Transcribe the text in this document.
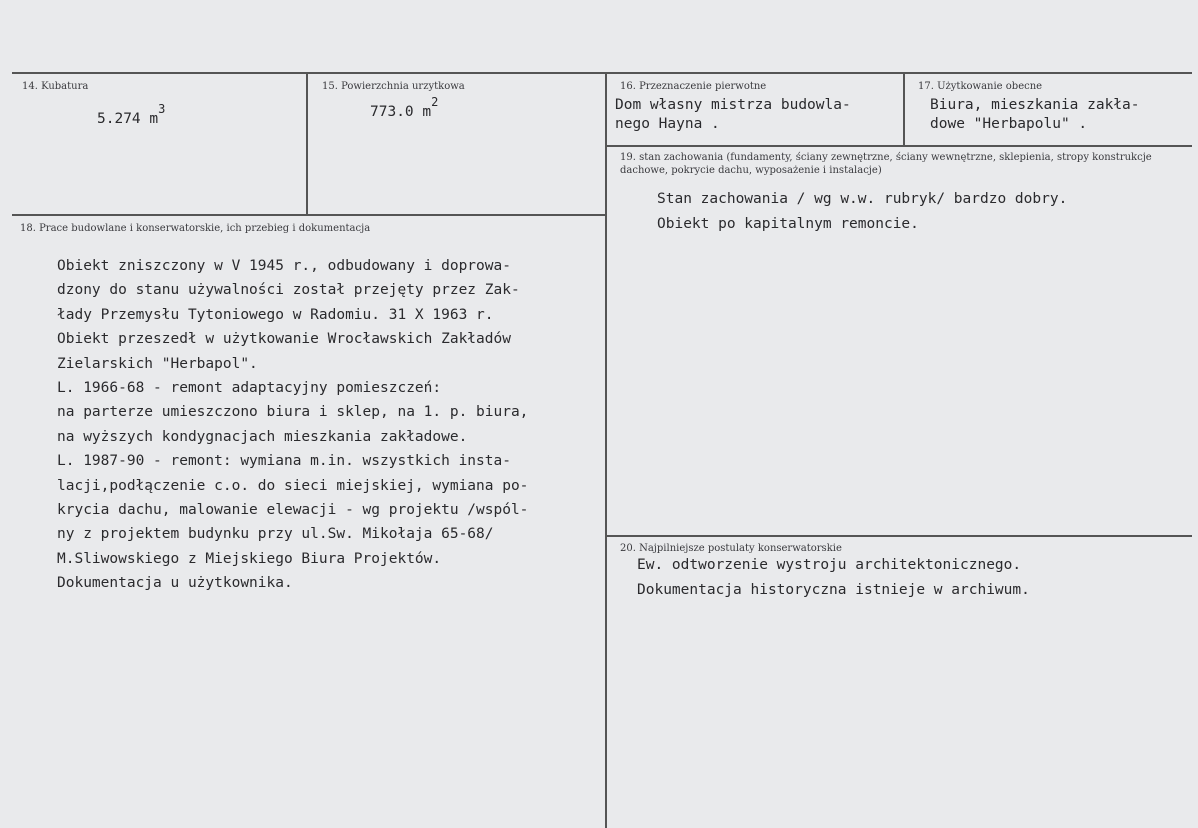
14. Kubatura
5.274 $m^3$
15. Powierzchnia urzytkowa
773.0 $m^2$
16. Przeznaczenie pierwotne
Dom własny mistrza budowla-
nego Hayna .
17. Użytkowanie obecne
Biura, mieszkania zakła-
dowe "Herbapolu" .
19. stan zachowania (fundamenty, ściany zewnętrzne, ściany wewnętrzne, sklepienia, stropy konstrukcje dachowe, pokrycie dachu, wyposażenie i instalacje)
Stan zachowania / wg w.w. rubryk/ bardzo dobry.
Obiekt po kapitalnym remoncie.
18. Prace budowlane i konserwatorskie, ich przebieg i dokumentacja
Obiekt zniszczony w V 1945 r., odbudowany i doprowa-
dzony do stanu używalności został przejęty przez Zak-
łady Przemysłu Tytoniowego w Radomiu. 31 X 1963 r.
Obiekt przeszedł w użytkowanie Wrocławskich Zakładów
Zielarskich "Herbapol".
L. 1966-68 - remont adaptacyjny pomieszczeń:
na parterze umieszczono biura i sklep, na 1. p. biura,
na wyższych kondygnacjach mieszkania zakładowe.
L. 1987-90 - remont: wymiana m.in. wszystkich insta-
lacji,podłączenie c.o. do sieci miejskiej, wymiana po-
krycia dachu, malowanie elewacji - wg projektu /wspól-
ny z projektem budynku przy ul.Sw. Mikołaja 65-68/
M.Sliwowskiego z Miejskiego Biura Projektów.
Dokumentacja u użytkownika.
20. Najpilniejsze postulaty konserwatorskie
Ew. odtworzenie wystroju architektonicznego.
Dokumentacja historyczna istnieje w archiwum.
